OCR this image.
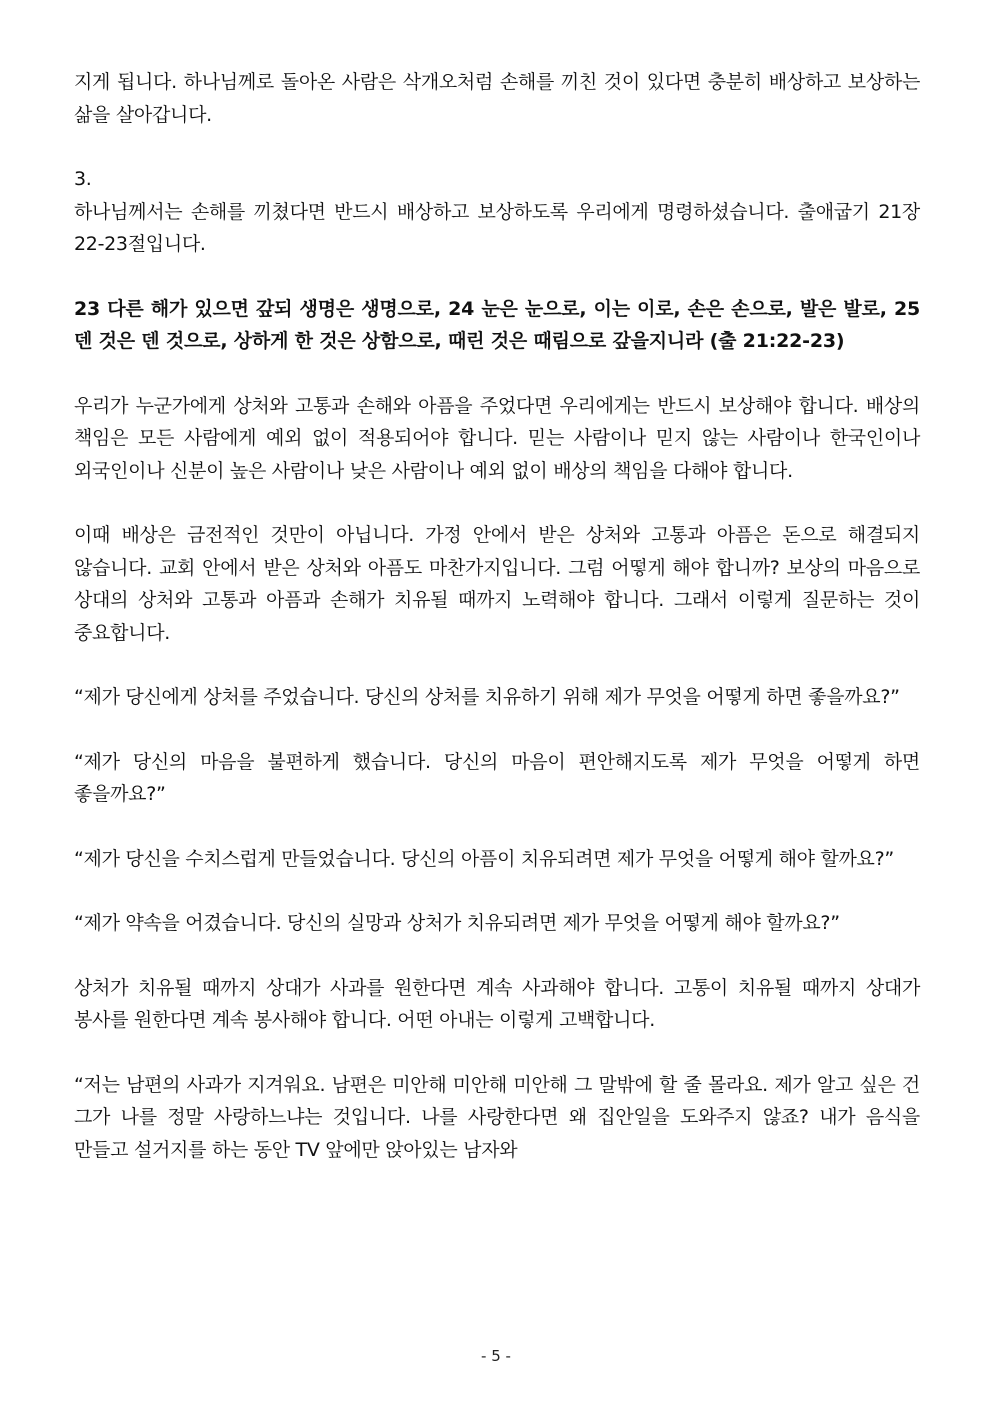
지게 됩니다. 하나님께로 돌아온 사람은 삭개오처럼 손해를 끼친 것이 있다면 충분히 배상하고 보상하는 삶을 살아갑니다.

3.

하나님께서는 손해를 끼쳤다면 반드시 배상하고 보상하도록 우리에게 명령하셨습니다. 출애굽기 21장 22-23절입니다.

23 다른 해가 있으면 갚되 생명은 생명으로, 24 눈은 눈으로, 이는 이로, 손은 손으로, 발은 발로, 25 덴 것은 덴 것으로, 상하게 한 것은 상함으로, 때린 것은 때림으로 갚을지니라 (출 21:22-23)

우리가 누군가에게 상처와 고통과 손해와 아픔을 주었다면 우리에게는 반드시 보상해야 합니다. 배상의 책임은 모든 사람에게 예외 없이 적용되어야 합니다. 믿는 사람이나 믿지 않는 사람이나 한국인이나 외국인이나 신분이 높은 사람이나 낮은 사람이나 예외 없이 배상의 책임을 다해야 합니다.

이때 배상은 금전적인 것만이 아닙니다. 가정 안에서 받은 상처와 고통과 아픔은 돈으로 해결되지 않습니다. 교회 안에서 받은 상처와 아픔도 마찬가지입니다. 그럼 어떻게 해야 합니까? 보상의 마음으로 상대의 상처와 고통과 아픔과 손해가 치유될 때까지 노력해야 합니다. 그래서 이렇게 질문하는 것이 중요합니다.

“제가 당신에게 상처를 주었습니다. 당신의 상처를 치유하기 위해 제가 무엇을 어떻게 하면 좋을까요?”

“제가 당신의 마음을 불편하게 했습니다. 당신의 마음이 편안해지도록 제가 무엇을 어떻게 하면 좋을까요?”

“제가 당신을 수치스럽게 만들었습니다. 당신의 아픔이 치유되려면 제가 무엇을 어떻게 해야 할까요?”

“제가 약속을 어겼습니다. 당신의 실망과 상처가 치유되려면 제가 무엇을 어떻게 해야 할까요?”

상처가 치유될 때까지 상대가 사과를 원한다면 계속 사과해야 합니다. 고통이 치유될 때까지 상대가 봉사를 원한다면 계속 봉사해야 합니다. 어떤 아내는 이렇게 고백합니다.

“저는 남편의 사과가 지겨워요. 남편은 미안해 미안해 미안해 그 말밖에 할 줄 몰라요. 제가 알고 싶은 건 그가 나를 정말 사랑하느냐는 것입니다. 나를 사랑한다면 왜 집안일을 도와주지 않죠? 내가 음식을 만들고 설거지를 하는 동안 TV 앞에만 앉아있는 남자와

- 5 -
